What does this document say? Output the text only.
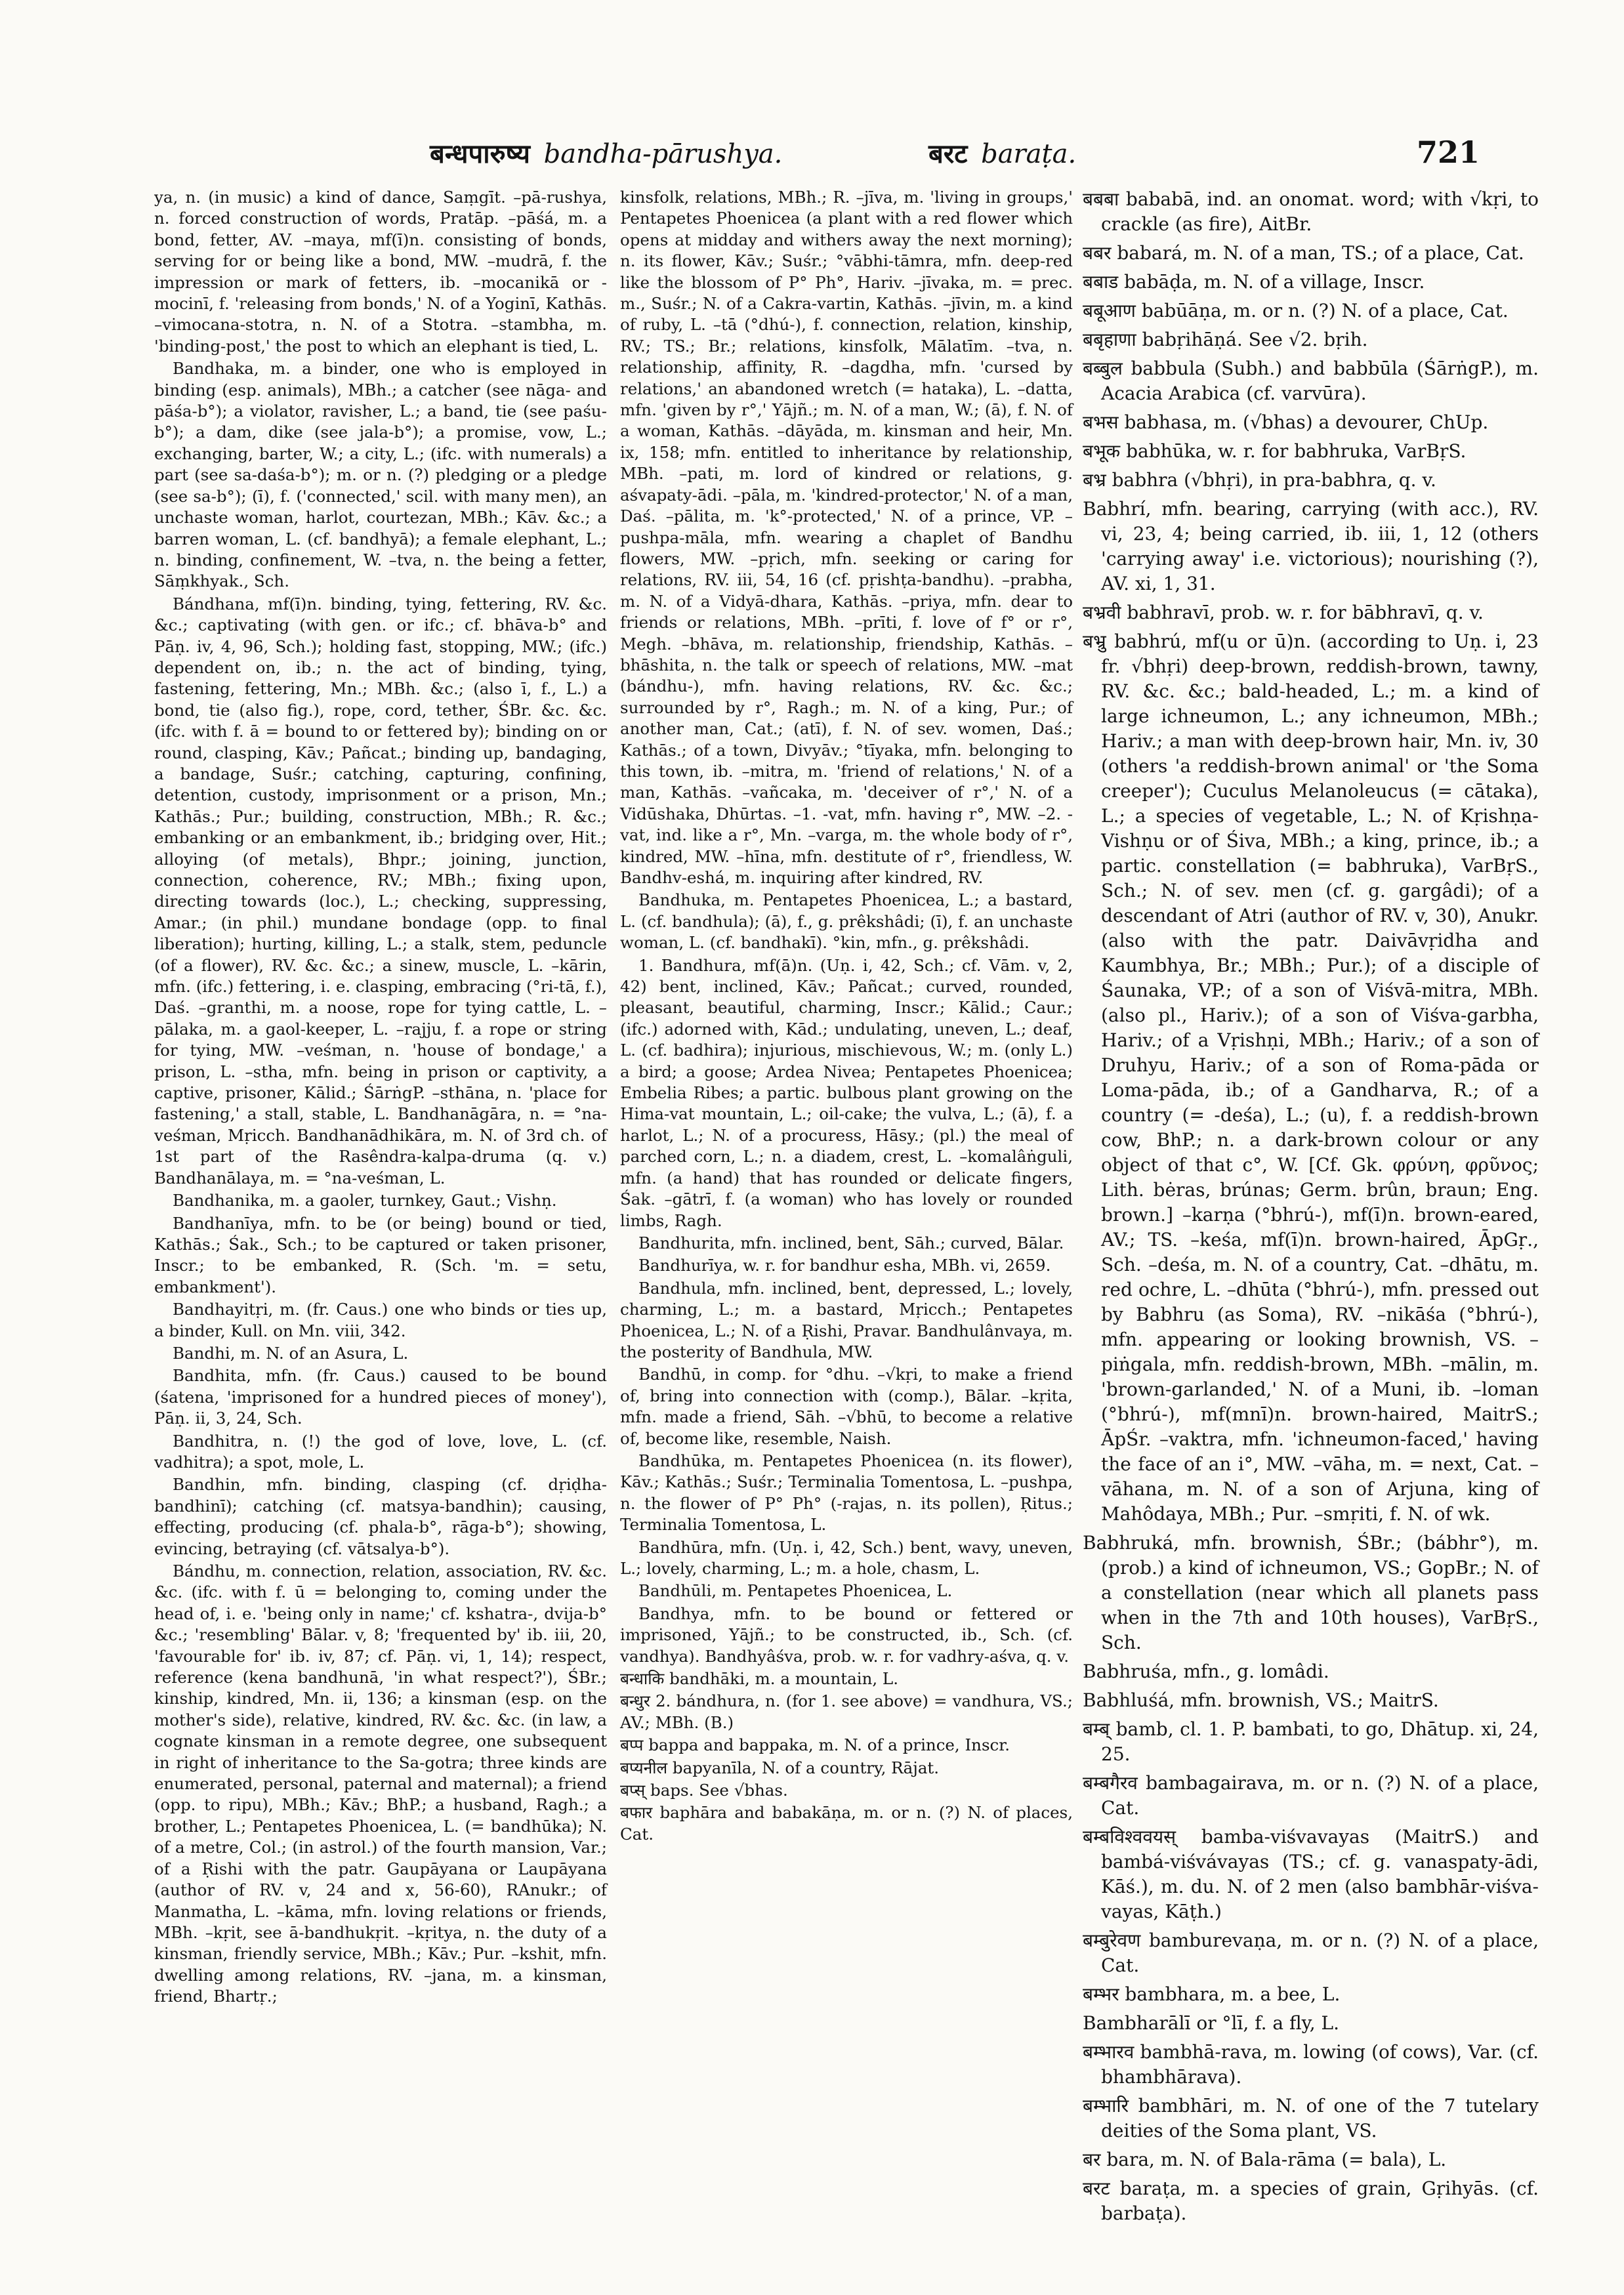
बन्धपारुष्य bandha-pārushya.	बरट baraṭa.	721

ya, n. (in music) a kind of dance, Saṃgīt. –pā-rushya, n. forced construction of words, Pratāp. –pāśá, m. a bond, fetter, AV. –maya, mf(ī)n. consisting of bonds, serving for or being like a bond, MW. –mudrā, f. the impression or mark of fetters, ib. –mocanikā or -mocinī, f. 'releasing from bonds,' N. of a Yoginī, Kathās. –vimocana-stotra, n. N. of a Stotra. –stambha, m. 'binding-post,' the post to which an elephant is tied, L.

Bandhaka, m. a binder, one who is employed in binding (esp. animals), MBh.; a catcher (see nāga- and pāśa-b°); a violator, ravisher, L.; a band, tie (see paśu-b°); a dam, dike (see jala-b°); a promise, vow, L.; exchanging, barter, W.; a city, L.; (ifc. with numerals) a part (see sa-daśa-b°); m. or n. (?) pledging or a pledge (see sa-b°); (ī), f. ('connected,' scil. with many men), an unchaste woman, harlot, courtezan, MBh.; Kāv. &c.; a barren woman, L. (cf. bandhyā); a female elephant, L.; n. binding, confinement, W. –tva, n. the being a fetter, Sāṃkhyak., Sch.

Bándhana, mf(ī)n. binding, tying, fettering, RV. &c. &c.; captivating (with gen. or ifc.; cf. bhāva-b° and Pāṇ. iv, 4, 96, Sch.); holding fast, stopping, MW.; (ifc.) dependent on, ib.; n. the act of binding, tying, fastening, fettering, Mn.; MBh. &c.; (also ī, f., L.) a bond, tie (also fig.), rope, cord, tether, ŚBr. &c. &c. (ifc. with f. ā = bound to or fettered by); binding on or round, clasping, Kāv.; Pañcat.; binding up, bandaging, a bandage, Suśr.; catching, capturing, confining, detention, custody, imprisonment or a prison, Mn.; Kathās.; Pur.; building, construction, MBh.; R. &c.; embanking or an embankment, ib.; bridging over, Hit.; alloying (of metals), Bhpr.; joining, junction, connection, coherence, RV.; MBh.; fixing upon, directing towards (loc.), L.; checking, suppressing, Amar.; (in phil.) mundane bondage (opp. to final liberation); hurting, killing, L.; a stalk, stem, peduncle (of a flower), RV. &c. &c.; a sinew, muscle, L. –kārin, mfn. (ifc.) fettering, i. e. clasping, embracing (°ri-tā, f.), Daś. –granthi, m. a noose, rope for tying cattle, L. –pālaka, m. a gaol-keeper, L. –rajju, f. a rope or string for tying, MW. –veśman, n. 'house of bondage,' a prison, L. –stha, mfn. being in prison or captivity, a captive, prisoner, Kālid.; ŚārṅgP. –sthāna, n. 'place for fastening,' a stall, stable, L. Bandhanāgāra, n. = °na-veśman, Mṛicch. Bandhanādhikāra, m. N. of 3rd ch. of 1st part of the Rasêndra-kalpa-druma (q. v.) Bandhanālaya, m. = °na-veśman, L.

Bandhanika, m. a gaoler, turnkey, Gaut.; Vishṇ.

Bandhanīya, mfn. to be (or being) bound or tied, Kathās.; Śak., Sch.; to be captured or taken prisoner, Inscr.; to be embanked, R. (Sch. 'm. = setu, embankment').

Bandhayitṛi, m. (fr. Caus.) one who binds or ties up, a binder, Kull. on Mn. viii, 342.

Bandhi, m. N. of an Asura, L.

Bandhita, mfn. (fr. Caus.) caused to be bound (śatena, 'imprisoned for a hundred pieces of money'), Pāṇ. ii, 3, 24, Sch.

Bandhitra, n. (!) the god of love, love, L. (cf. vadhitra); a spot, mole, L.

Bandhin, mfn. binding, clasping (cf. dṛiḍha-bandhinī); catching (cf. matsya-bandhin); causing, effecting, producing (cf. phala-b°, rāga-b°); showing, evincing, betraying (cf. vātsalya-b°).

Bándhu, m. connection, relation, association, RV. &c. &c. (ifc. with f. ū = belonging to, coming under the head of, i. e. 'being only in name;' cf. kshatra-, dvija-b° &c.; 'resembling' Bālar. v, 8; 'frequented by' ib. iii, 20, 'favourable for' ib. iv, 87; cf. Pāṇ. vi, 1, 14); respect, reference (kena bandhunā, 'in what respect?'), ŚBr.; kinship, kindred, Mn. ii, 136; a kinsman (esp. on the mother's side), relative, kindred, RV. &c. &c. (in law, a cognate kinsman in a remote degree, one subsequent in right of inheritance to the Sa-gotra; three kinds are enumerated, personal, paternal and maternal); a friend (opp. to ripu), MBh.; Kāv.; BhP.; a husband, Ragh.; a brother, L.; Pentapetes Phoenicea, L. (= bandhūka); N. of a metre, Col.; (in astrol.) of the fourth mansion, Var.; of a Ṛishi with the patr. Gaupāyana or Laupāyana (author of RV. v, 24 and x, 56-60), RAnukr.; of Manmatha, L. –kāma, mfn. loving relations or friends, MBh. –kṛit, see ā-bandhukṛit. –kṛitya, n. the duty of a kinsman, friendly service, MBh.; Kāv.; Pur. –kshit, mfn. dwelling among relations, RV. –jana, m. a kinsman, friend, Bhartṛ.;

kinsfolk, relations, MBh.; R. –jīva, m. 'living in groups,' Pentapetes Phoenicea (a plant with a red flower which opens at midday and withers away the next morning); n. its flower, Kāv.; Suśr.; °vābhi-tāmra, mfn. deep-red like the blossom of P° Ph°, Hariv. –jīvaka, m. = prec. m., Suśr.; N. of a Cakra-vartin, Kathās. –jīvin, m. a kind of ruby, L. –tā (°dhú-), f. connection, relation, kinship, RV.; TS.; Br.; relations, kinsfolk, Mālatīm. –tva, n. relationship, affinity, R. –dagdha, mfn. 'cursed by relations,' an abandoned wretch (= hataka), L. –datta, mfn. 'given by r°,' Yājñ.; m. N. of a man, W.; (ā), f. N. of a woman, Kathās. –dāyāda, m. kinsman and heir, Mn. ix, 158; mfn. entitled to inheritance by relationship, MBh. –pati, m. lord of kindred or relations, g. aśvapaty-ādi. –pāla, m. 'kindred-protector,' N. of a man, Daś. –pālita, m. 'k°-protected,' N. of a prince, VP. –pushpa-māla, mfn. wearing a chaplet of Bandhu flowers, MW. –pṛich, mfn. seeking or caring for relations, RV. iii, 54, 16 (cf. pṛishṭa-bandhu). –prabha, m. N. of a Vidyā-dhara, Kathās. –priya, mfn. dear to friends or relations, MBh. –prīti, f. love of f° or r°, Megh. –bhāva, m. relationship, friendship, Kathās. –bhāshita, n. the talk or speech of relations, MW. –mat (bándhu-), mfn. having relations, RV. &c. &c.; surrounded by r°, Ragh.; m. N. of a king, Pur.; of another man, Cat.; (atī), f. N. of sev. women, Daś.; Kathās.; of a town, Divyāv.; °tīyaka, mfn. belonging to this town, ib. –mitra, m. 'friend of relations,' N. of a man, Kathās. –vañcaka, m. 'deceiver of r°,' N. of a Vidūshaka, Dhūrtas. –1. -vat, mfn. having r°, MW. –2. -vat, ind. like a r°, Mn. –varga, m. the whole body of r°, kindred, MW. –hīna, mfn. destitute of r°, friendless, W. Bandhv-eshá, m. inquiring after kindred, RV.

Bandhuka, m. Pentapetes Phoenicea, L.; a bastard, L. (cf. bandhula); (ā), f., g. prêkshâdi; (ī), f. an unchaste woman, L. (cf. bandhakī). °kin, mfn., g. prêkshâdi.

1. Bandhura, mf(ā)n. (Uṇ. i, 42, Sch.; cf. Vām. v, 2, 42) bent, inclined, Kāv.; Pañcat.; curved, rounded, pleasant, beautiful, charming, Inscr.; Kālid.; Caur.; (ifc.) adorned with, Kād.; undulating, uneven, L.; deaf, L. (cf. badhira); injurious, mischievous, W.; m. (only L.) a bird; a goose; Ardea Nivea; Pentapetes Phoenicea; Embelia Ribes; a partic. bulbous plant growing on the Hima-vat mountain, L.; oil-cake; the vulva, L.; (ā), f. a harlot, L.; N. of a procuress, Hāsy.; (pl.) the meal of parched corn, L.; n. a diadem, crest, L. –komalâṅguli, mfn. (a hand) that has rounded or delicate fingers, Śak. –gātrī, f. (a woman) who has lovely or rounded limbs, Ragh.

Bandhurita, mfn. inclined, bent, Sāh.; curved, Bālar.

Bandhurīya, w. r. for bandhur esha, MBh. vi, 2659.

Bandhula, mfn. inclined, bent, depressed, L.; lovely, charming, L.; m. a bastard, Mṛicch.; Pentapetes Phoenicea, L.; N. of a Ṛishi, Pravar. Bandhulânvaya, m. the posterity of Bandhula, MW.

Bandhū, in comp. for °dhu. –√kṛi, to make a friend of, bring into connection with (comp.), Bālar. –kṛita, mfn. made a friend, Sāh. –√bhū, to become a relative of, become like, resemble, Naish.

Bandhūka, m. Pentapetes Phoenicea (n. its flower), Kāv.; Kathās.; Suśr.; Terminalia Tomentosa, L. –pushpa, n. the flower of P° Ph° (-rajas, n. its pollen), Ṛitus.; Terminalia Tomentosa, L.

Bandhūra, mfn. (Uṇ. i, 42, Sch.) bent, wavy, uneven, L.; lovely, charming, L.; m. a hole, chasm, L.

Bandhūli, m. Pentapetes Phoenicea, L.

Bandhya, mfn. to be bound or fettered or imprisoned, Yājñ.; to be constructed, ib., Sch. (cf. vandhya). Bandhyâśva, prob. w. r. for vadhry-aśva, q. v.

बन्धाकि bandhāki, m. a mountain, L.

बन्धुर 2. bándhura, n. (for 1. see above) = vandhura, VS.; AV.; MBh. (B.)

बप्प bappa and bappaka, m. N. of a prince, Inscr.

बप्यनील bapyanīla, N. of a country, Rājat.

बप्स् baps. See √bhas.

बफार baphāra and babakāṇa, m. or n. (?) N. of places, Cat.

बबबा bababā, ind. an onomat. word; with √kṛi, to crackle (as fire), AitBr.

बबर babará, m. N. of a man, TS.; of a place, Cat.

बबाड babāḍa, m. N. of a village, Inscr.

बबूआण babūāṇa, m. or n. (?) N. of a place, Cat.

बबृहाणा babṛihāṇá. See √2. bṛih.

बब्बुल babbula (Subh.) and babbūla (ŚārṅgP.), m. Acacia Arabica (cf. varvūra).

बभस babhasa, m. (√bhas) a devourer, ChUp.

बभूक babhūka, w. r. for babhruka, VarBṛS.

बभ्र babhra (√bhṛi), in pra-babhra, q. v.

Babhrí, mfn. bearing, carrying (with acc.), RV. vi, 23, 4; being carried, ib. iii, 1, 12 (others 'carrying away' i.e. victorious); nourishing (?), AV. xi, 1, 31.

बभ्रवी babhravī, prob. w. r. for bābhravī, q. v.

बभ्रु babhrú, mf(u or ū)n. (according to Uṇ. i, 23 fr. √bhṛi) deep-brown, reddish-brown, tawny, RV. &c. &c.; bald-headed, L.; m. a kind of large ichneumon, L.; any ichneumon, MBh.; Hariv.; a man with deep-brown hair, Mn. iv, 30 (others 'a reddish-brown animal' or 'the Soma creeper'); Cuculus Melanoleucus (= cātaka), L.; a species of vegetable, L.; N. of Kṛishṇa-Vishṇu or of Śiva, MBh.; a king, prince, ib.; a partic. constellation (= babhruka), VarBṛS., Sch.; N. of sev. men (cf. g. gargâdi); of a descendant of Atri (author of RV. v, 30), Anukr. (also with the patr. Daivāvṛidha and Kaumbhya, Br.; MBh.; Pur.); of a disciple of Śaunaka, VP.; of a son of Viśvā-mitra, MBh. (also pl., Hariv.); of a son of Viśva-garbha, Hariv.; of a Vṛishṇi, MBh.; Hariv.; of a son of Druhyu, Hariv.; of a son of Roma-pāda or Loma-pāda, ib.; of a Gandharva, R.; of a country (= -deśa), L.; (u), f. a reddish-brown cow, BhP.; n. a dark-brown colour or any object of that c°, W. [Cf. Gk. φρύνη, φρῦνος; Lith. bėras, brúnas; Germ. brûn, braun; Eng. brown.] –karṇa (°bhrú-), mf(ī)n. brown-eared, AV.; TS. –keśa, mf(ī)n. brown-haired, ĀpGṛ., Sch. –deśa, m. N. of a country, Cat. –dhātu, m. red ochre, L. –dhūta (°bhrú-), mfn. pressed out by Babhru (as Soma), RV. –nikāśa (°bhrú-), mfn. appearing or looking brownish, VS. –piṅgala, mfn. reddish-brown, MBh. –mālin, m. 'brown-garlanded,' N. of a Muni, ib. –loman (°bhrú-), mf(mnī)n. brown-haired, MaitrS.; ĀpŚr. –vaktra, mfn. 'ichneumon-faced,' having the face of an i°, MW. –vāha, m. = next, Cat. –vāhana, m. N. of a son of Arjuna, king of Mahôdaya, MBh.; Pur. –smṛiti, f. N. of wk.

Babhruká, mfn. brownish, ŚBr.; (bábhr°), m. (prob.) a kind of ichneumon, VS.; GopBr.; N. of a constellation (near which all planets pass when in the 7th and 10th houses), VarBṛS., Sch.

Babhruśa, mfn., g. lomâdi.

Babhluśá, mfn. brownish, VS.; MaitrS.

बम्ब् bamb, cl. 1. P. bambati, to go, Dhātup. xi, 24, 25.

बम्बगैरव bambagairava, m. or n. (?) N. of a place, Cat.

बम्बविश्ववयस् bamba-viśvavayas (MaitrS.) and bambá-viśvávayas (TS.; cf. g. vanaspaty-ādi, Kāś.), m. du. N. of 2 men (also bambhār-viśva-vayas, Kāṭh.)

बम्बुरेवण bamburevaṇa, m. or n. (?) N. of a place, Cat.

बम्भर bambhara, m. a bee, L.

Bambharālī or °lī, f. a fly, L.

बम्भारव bambhā-rava, m. lowing (of cows), Var. (cf. bhambhārava).

बम्भारि bambhāri, m. N. of one of the 7 tutelary deities of the Soma plant, VS.

बर bara, m. N. of Bala-rāma (= bala), L.

बरट baraṭa, m. a species of grain, Gṛihyās. (cf. barbaṭa).
